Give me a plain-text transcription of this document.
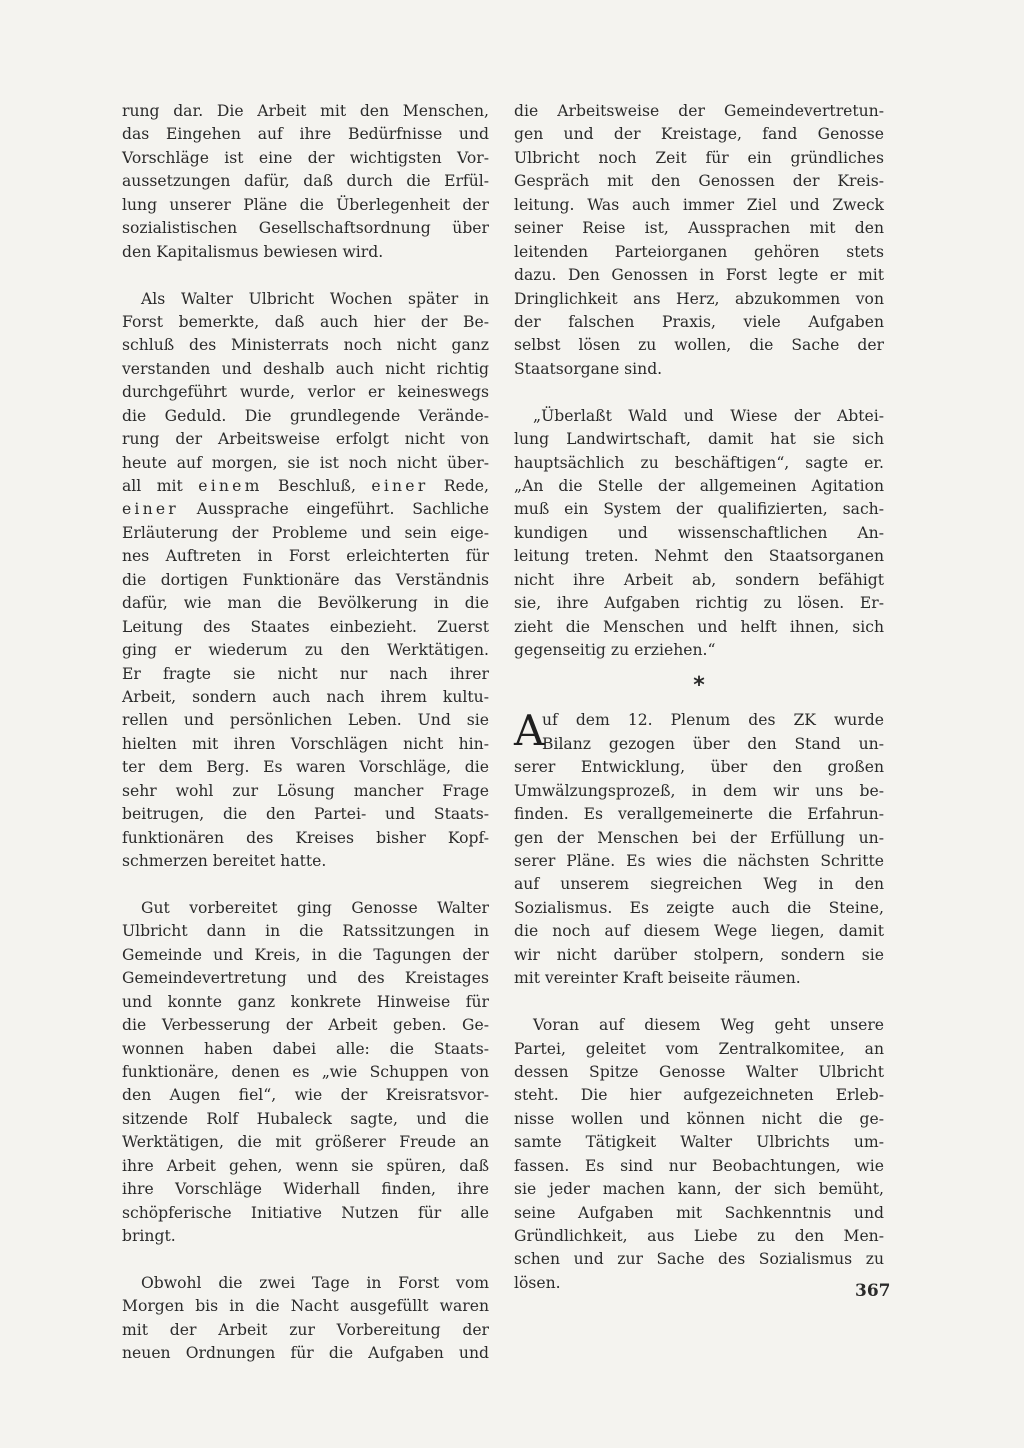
rung dar. Die Arbeit mit den Menschen,
das Eingehen auf ihre Bedürfnisse und
Vorschläge ist eine der wichtigsten Vor-
aussetzungen dafür, daß durch die Erfül-
lung unserer Pläne die Überlegenheit der
sozialistischen Gesellschaftsordnung über
den Kapitalismus bewiesen wird.
Als Walter Ulbricht Wochen später in
Forst bemerkte, daß auch hier der Be-
schluß des Ministerrats noch nicht ganz
verstanden und deshalb auch nicht richtig
durchgeführt wurde, verlor er keineswegs
die Geduld. Die grundlegende Verände-
rung der Arbeitsweise erfolgt nicht von
heute auf morgen, sie ist noch nicht über-
all mit einem Beschluß, einer Rede,
einer Aussprache eingeführt. Sachliche
Erläuterung der Probleme und sein eige-
nes Auftreten in Forst erleichterten für
die dortigen Funktionäre das Verständnis
dafür, wie man die Bevölkerung in die
Leitung des Staates einbezieht. Zuerst
ging er wiederum zu den Werktätigen.
Er fragte sie nicht nur nach ihrer
Arbeit, sondern auch nach ihrem kultu-
rellen und persönlichen Leben. Und sie
hielten mit ihren Vorschlägen nicht hin-
ter dem Berg. Es waren Vorschläge, die
sehr wohl zur Lösung mancher Frage
beitrugen, die den Partei- und Staats-
funktionären des Kreises bisher Kopf-
schmerzen bereitet hatte.
Gut vorbereitet ging Genosse Walter
Ulbricht dann in die Ratssitzungen in
Gemeinde und Kreis, in die Tagungen der
Gemeindevertretung und des Kreistages
und konnte ganz konkrete Hinweise für
die Verbesserung der Arbeit geben. Ge-
wonnen haben dabei alle: die Staats-
funktionäre, denen es „wie Schuppen von
den Augen fiel“, wie der Kreisratsvor-
sitzende Rolf Hubaleck sagte, und die
Werktätigen, die mit größerer Freude an
ihre Arbeit gehen, wenn sie spüren, daß
ihre Vorschläge Widerhall finden, ihre
schöpferische Initiative Nutzen für alle
bringt.
Obwohl die zwei Tage in Forst vom
Morgen bis in die Nacht ausgefüllt waren
mit der Arbeit zur Vorbereitung der
neuen Ordnungen für die Aufgaben und
die Arbeitsweise der Gemeindevertretun-
gen und der Kreistage, fand Genosse
Ulbricht noch Zeit für ein gründliches
Gespräch mit den Genossen der Kreis-
leitung. Was auch immer Ziel und Zweck
seiner Reise ist, Aussprachen mit den
leitenden Parteiorganen gehören stets
dazu. Den Genossen in Forst legte er mit
Dringlichkeit ans Herz, abzukommen von
der falschen Praxis, viele Aufgaben
selbst lösen zu wollen, die Sache der
Staatsorgane sind.
„Überlaßt Wald und Wiese der Abtei-
lung Landwirtschaft, damit hat sie sich
hauptsächlich zu beschäftigen“, sagte er.
„An die Stelle der allgemeinen Agitation
muß ein System der qualifizierten, sach-
kundigen und wissenschaftlichen An-
leitung treten. Nehmt den Staatsorganen
nicht ihre Arbeit ab, sondern befähigt
sie, ihre Aufgaben richtig zu lösen. Er-
zieht die Menschen und helft ihnen, sich
gegenseitig zu erziehen.“
*
A
uf dem 12. Plenum des ZK wurde
Bilanz gezogen über den Stand un-
serer Entwicklung, über den großen
Umwälzungsprozeß, in dem wir uns be-
finden. Es verallgemeinerte die Erfahrun-
gen der Menschen bei der Erfüllung un-
serer Pläne. Es wies die nächsten Schritte
auf unserem siegreichen Weg in den
Sozialismus. Es zeigte auch die Steine,
die noch auf diesem Wege liegen, damit
wir nicht darüber stolpern, sondern sie
mit vereinter Kraft beiseite räumen.
Voran auf diesem Weg geht unsere
Partei, geleitet vom Zentralkomitee, an
dessen Spitze Genosse Walter Ulbricht
steht. Die hier aufgezeichneten Erleb-
nisse wollen und können nicht die ge-
samte Tätigkeit Walter Ulbrichts um-
fassen. Es sind nur Beobachtungen, wie
sie jeder machen kann, der sich bemüht,
seine Aufgaben mit Sachkenntnis und
Gründlichkeit, aus Liebe zu den Men-
schen und zur Sache des Sozialismus zu
lösen.	367
